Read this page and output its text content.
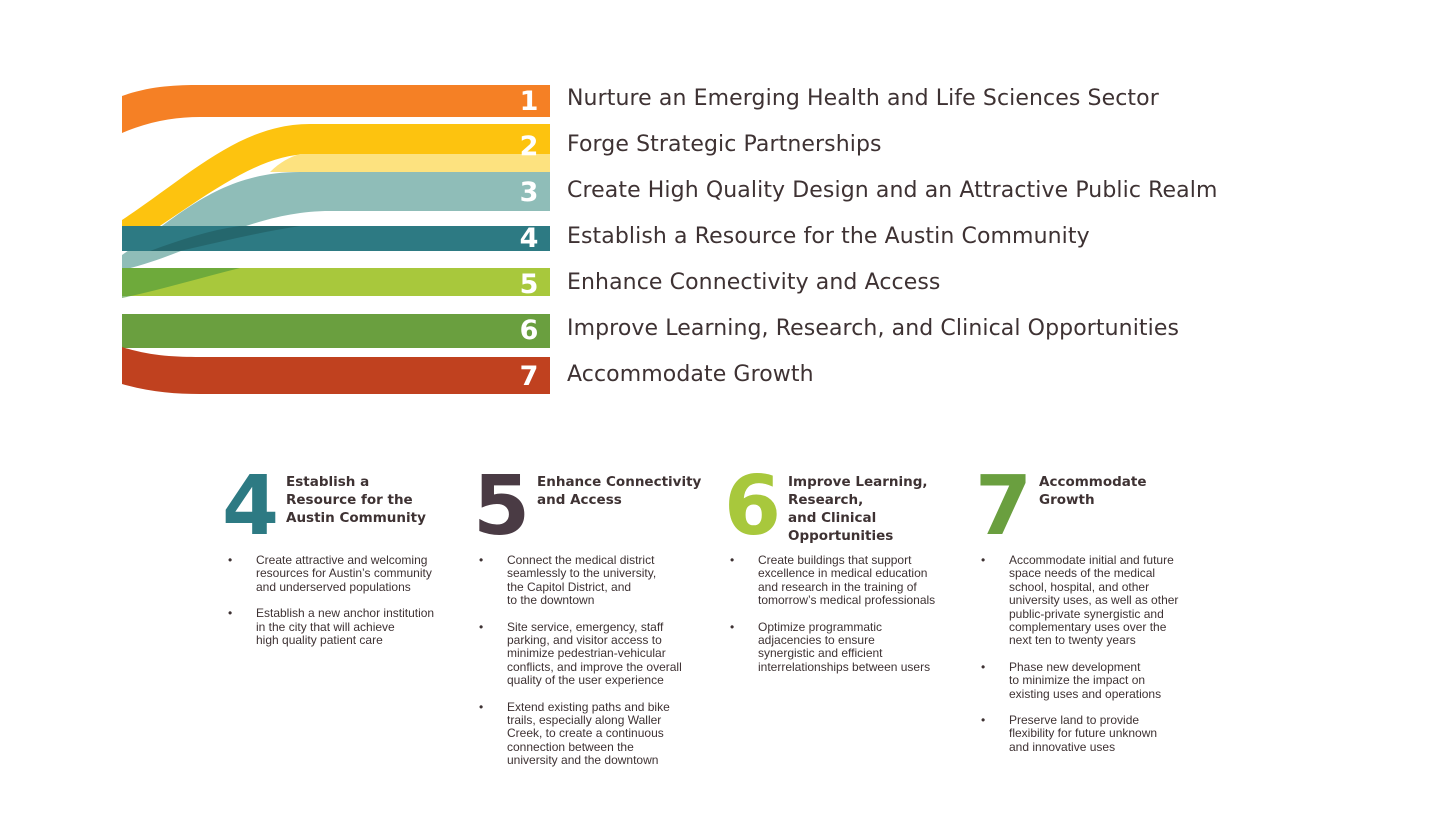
1
2
3
4
5
6
7
Nurture an Emerging Health and Life Sciences Sector
Forge Strategic Partnerships
Create High Quality Design and an Attractive Public Realm
Establish a Resource for the Austin Community
Enhance Connectivity and Access
Improve Learning, Research, and Clinical Opportunities
Accommodate Growth
4 Establish a
Resource for the
Austin Community
• Create attractive and welcoming
resources for Austin’s community
and underserved populations
• Establish a new anchor institution
in the city that will achieve
high quality patient care
5 Enhance Connectivity
and Access
• Connect the medical district
seamlessly to the university,
the Capitol District, and
to the downtown
• Site service, emergency, staff
parking, and visitor access to
minimize pedestrian-vehicular
conflicts, and improve the overall
quality of the user experience
• Extend existing paths and bike
trails, especially along Waller
Creek, to create a continuous
connection between the
university and the downtown
6 Improve Learning,
Research,
and Clinical
Opportunities
• Create buildings that support
excellence in medical education
and research in the training of
tomorrow’s medical professionals
• Optimize programmatic
adjacencies to ensure
synergistic and efficient
interrelationships between users
7 Accommodate
Growth
• Accommodate initial and future
space needs of the medical
school, hospital, and other
university uses, as well as other
public-private synergistic and
complementary uses over the
next ten to twenty years
• Phase new development
to minimize the impact on
existing uses and operations
• Preserve land to provide
flexibility for future unknown
and innovative uses
